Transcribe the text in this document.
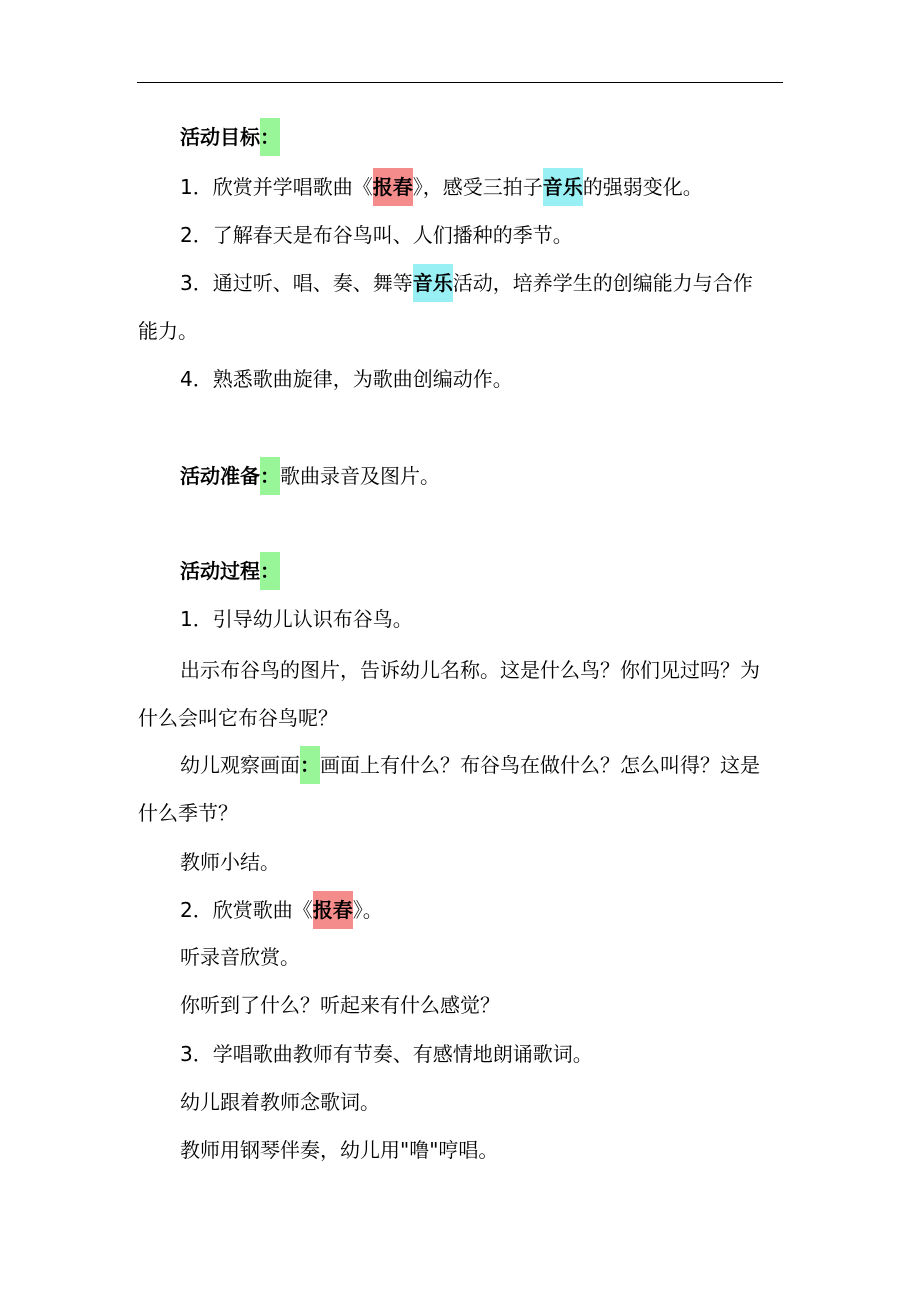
活动目标：
1．欣赏并学唱歌曲《报春》，感受三拍子音乐的强弱变化。
2．了解春天是布谷鸟叫、人们播种的季节。
3．通过听、唱、奏、舞等音乐活动，培养学生的创编能力与合作
能力。
4．熟悉歌曲旋律，为歌曲创编动作。
活动准备：歌曲录音及图片。
活动过程：
1．引导幼儿认识布谷鸟。
出示布谷鸟的图片，告诉幼儿名称。这是什么鸟？你们见过吗？为
什么会叫它布谷鸟呢？
幼儿观察画面：画面上有什么？布谷鸟在做什么？怎么叫得？这是
什么季节？
教师小结。
2．欣赏歌曲《报春》。
听录音欣赏。
你听到了什么？听起来有什么感觉？
3．学唱歌曲教师有节奏、有感情地朗诵歌词。
幼儿跟着教师念歌词。
教师用钢琴伴奏，幼儿用"噜"哼唱。
